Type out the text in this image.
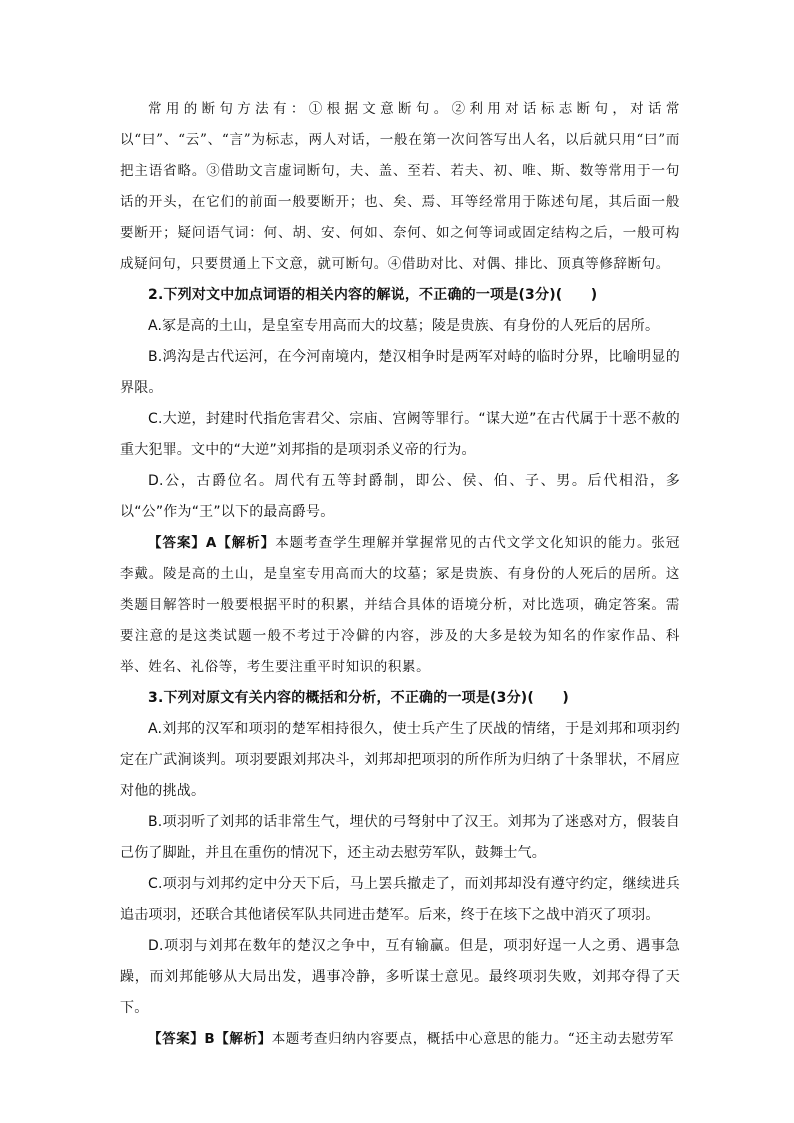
常用的断句方法有：①根据文意断句。②利用对话标志断句，对话常以“曰”、“云”、“言”为标志，两人对话，一般在第一次问答写出人名，以后就只用“曰”而把主语省略。③借助文言虚词断句，夫、盖、至若、若夫、初、唯、斯、数等常用于一句话的开头，在它们的前面一般要断开；也、矣、焉、耳等经常用于陈述句尾，其后面一般要断开；疑问语气词：何、胡、安、何如、奈何、如之何等词或固定结构之后，一般可构成疑问句，只要贯通上下文意，就可断句。④借助对比、对偶、排比、顶真等修辞断句。

2.下列对文中加点词语的相关内容的解说，不正确的一项是(3分)(　　)

A.冢是高的土山，是皇室专用高而大的坟墓；陵是贵族、有身份的人死后的居所。

B.鸿沟是古代运河，在今河南境内，楚汉相争时是两军对峙的临时分界，比喻明显的界限。

C.大逆，封建时代指危害君父、宗庙、宫阙等罪行。“谋大逆”在古代属于十恶不赦的重大犯罪。文中的“大逆”刘邦指的是项羽杀义帝的行为。

D.公，古爵位名。周代有五等封爵制，即公、侯、伯、子、男。后代相沿，多以“公”作为“王”以下的最高爵号。

【答案】A【解析】本题考查学生理解并掌握常见的古代文学文化知识的能力。张冠李戴。陵是高的土山，是皇室专用高而大的坟墓；冢是贵族、有身份的人死后的居所。这类题目解答时一般要根据平时的积累，并结合具体的语境分析，对比选项，确定答案。需要注意的是这类试题一般不考过于冷僻的内容，涉及的大多是较为知名的作家作品、科举、姓名、礼俗等，考生要注重平时知识的积累。

3.下列对原文有关内容的概括和分析，不正确的一项是(3分)(　　)

A.刘邦的汉军和项羽的楚军相持很久，使士兵产生了厌战的情绪，于是刘邦和项羽约定在广武涧谈判。项羽要跟刘邦决斗，刘邦却把项羽的所作所为归纳了十条罪状，不屑应对他的挑战。

B.项羽听了刘邦的话非常生气，埋伏的弓弩射中了汉王。刘邦为了迷惑对方，假装自己伤了脚趾，并且在重伤的情况下，还主动去慰劳军队，鼓舞士气。

C.项羽与刘邦约定中分天下后，马上罢兵撤走了，而刘邦却没有遵守约定，继续进兵追击项羽，还联合其他诸侯军队共同进击楚军。后来，终于在垓下之战中消灭了项羽。

D.项羽与刘邦在数年的楚汉之争中，互有输赢。但是，项羽好逞一人之勇、遇事急躁，而刘邦能够从大局出发，遇事冷静，多听谋士意见。最终项羽失败，刘邦夺得了天下。

【答案】B【解析】本题考查归纳内容要点，概括中心意思的能力。“还主动去慰劳军
